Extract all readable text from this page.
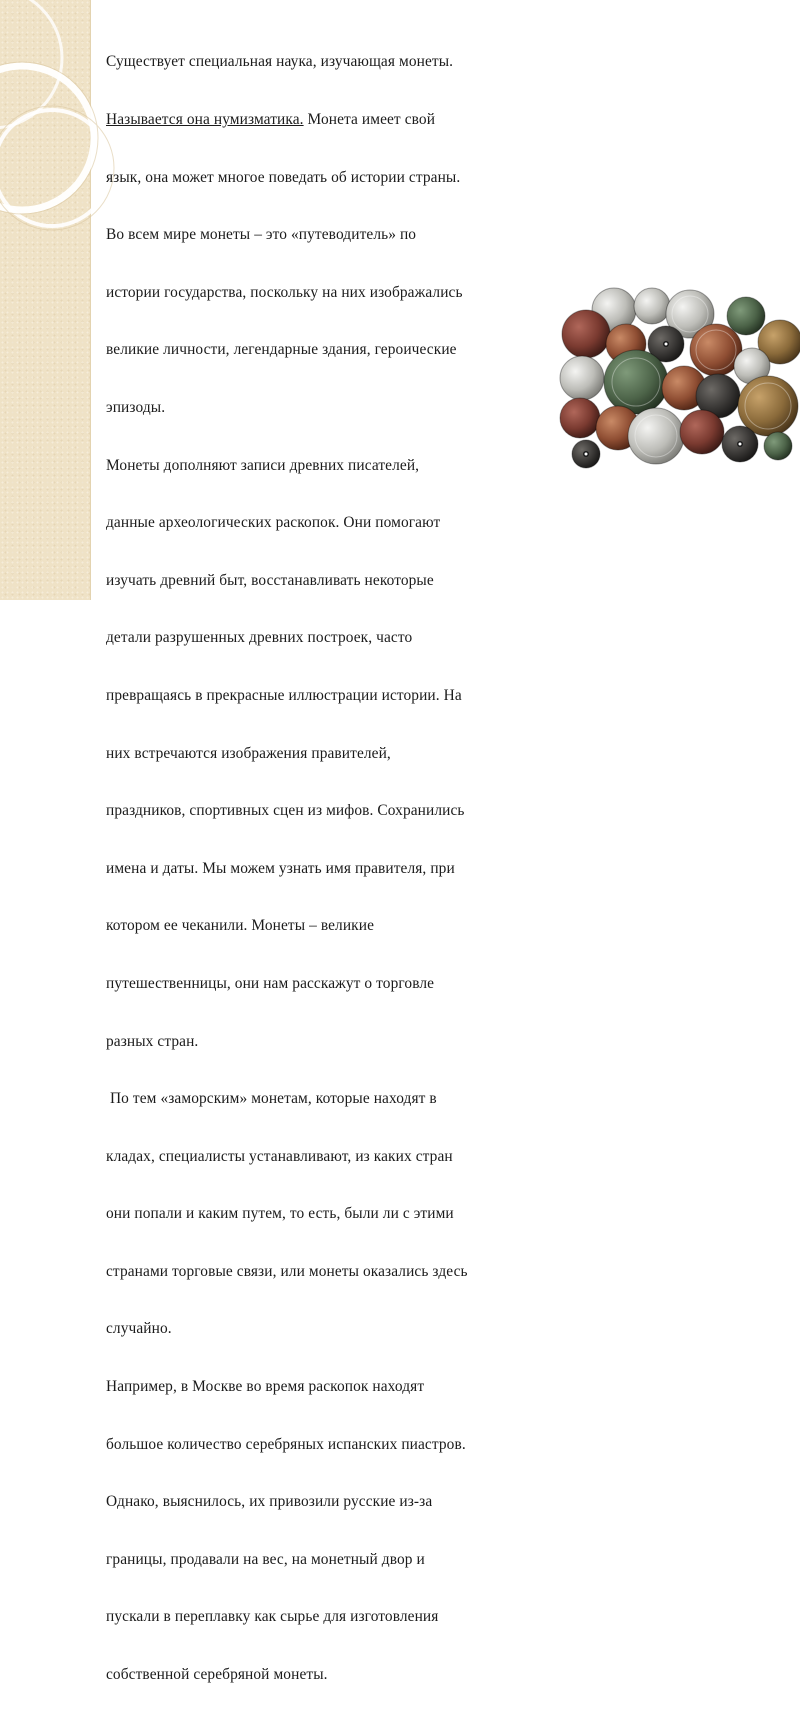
Существует специальная наука, изучающая монеты.

Называется она нумизматика. Монета имеет свой

язык, она может многое поведать об истории страны.

Во всем мире монеты – это «путеводитель» по

истории государства, поскольку на них изображались

великие личности, легендарные здания, героические

эпизоды.

Монеты дополняют записи древних писателей,

данные археологических раскопок. Они помогают

изучать древний быт, восстанавливать некоторые

детали разрушенных древних построек, часто

превращаясь в прекрасные иллюстрации истории. На

них встречаются изображения правителей,

праздников, спортивных сцен из мифов. Сохранились

имена и даты. Мы можем узнать имя правителя, при

котором ее чеканили. Монеты – великие

путешественницы, они нам расскажут о торговле

разных стран.

По тем «заморским» монетам, которые находят в

кладах, специалисты устанавливают, из каких стран

они попали и каким путем, то есть, были ли с этими

странами торговые связи, или монеты оказались здесь

случайно.

Например, в Москве во время раскопок находят

большое количество серебряных испанских пиастров.

Однако, выяснилось, их привозили русские из-за

границы, продавали на вес, на монетный двор и

пускали в переплавку как сырье для изготовления

собственной серебряной монеты.
